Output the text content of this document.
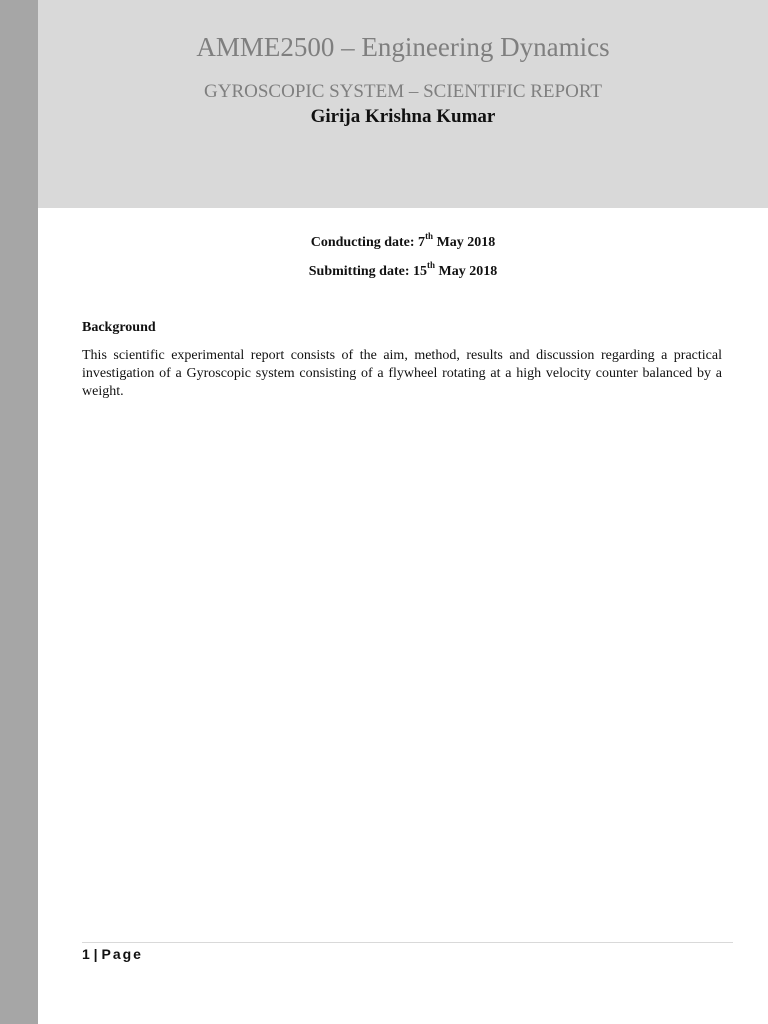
AMME2500 – Engineering Dynamics
GYROSCOPIC SYSTEM – SCIENTIFIC REPORT
Girija Krishna Kumar
Conducting date: 7th May 2018
Submitting date: 15th May 2018
Background

This scientific experimental report consists of the aim, method, results and discussion regarding a practical investigation of a Gyroscopic system consisting of a flywheel rotating at a high velocity counter balanced by a weight.

1 | Page
